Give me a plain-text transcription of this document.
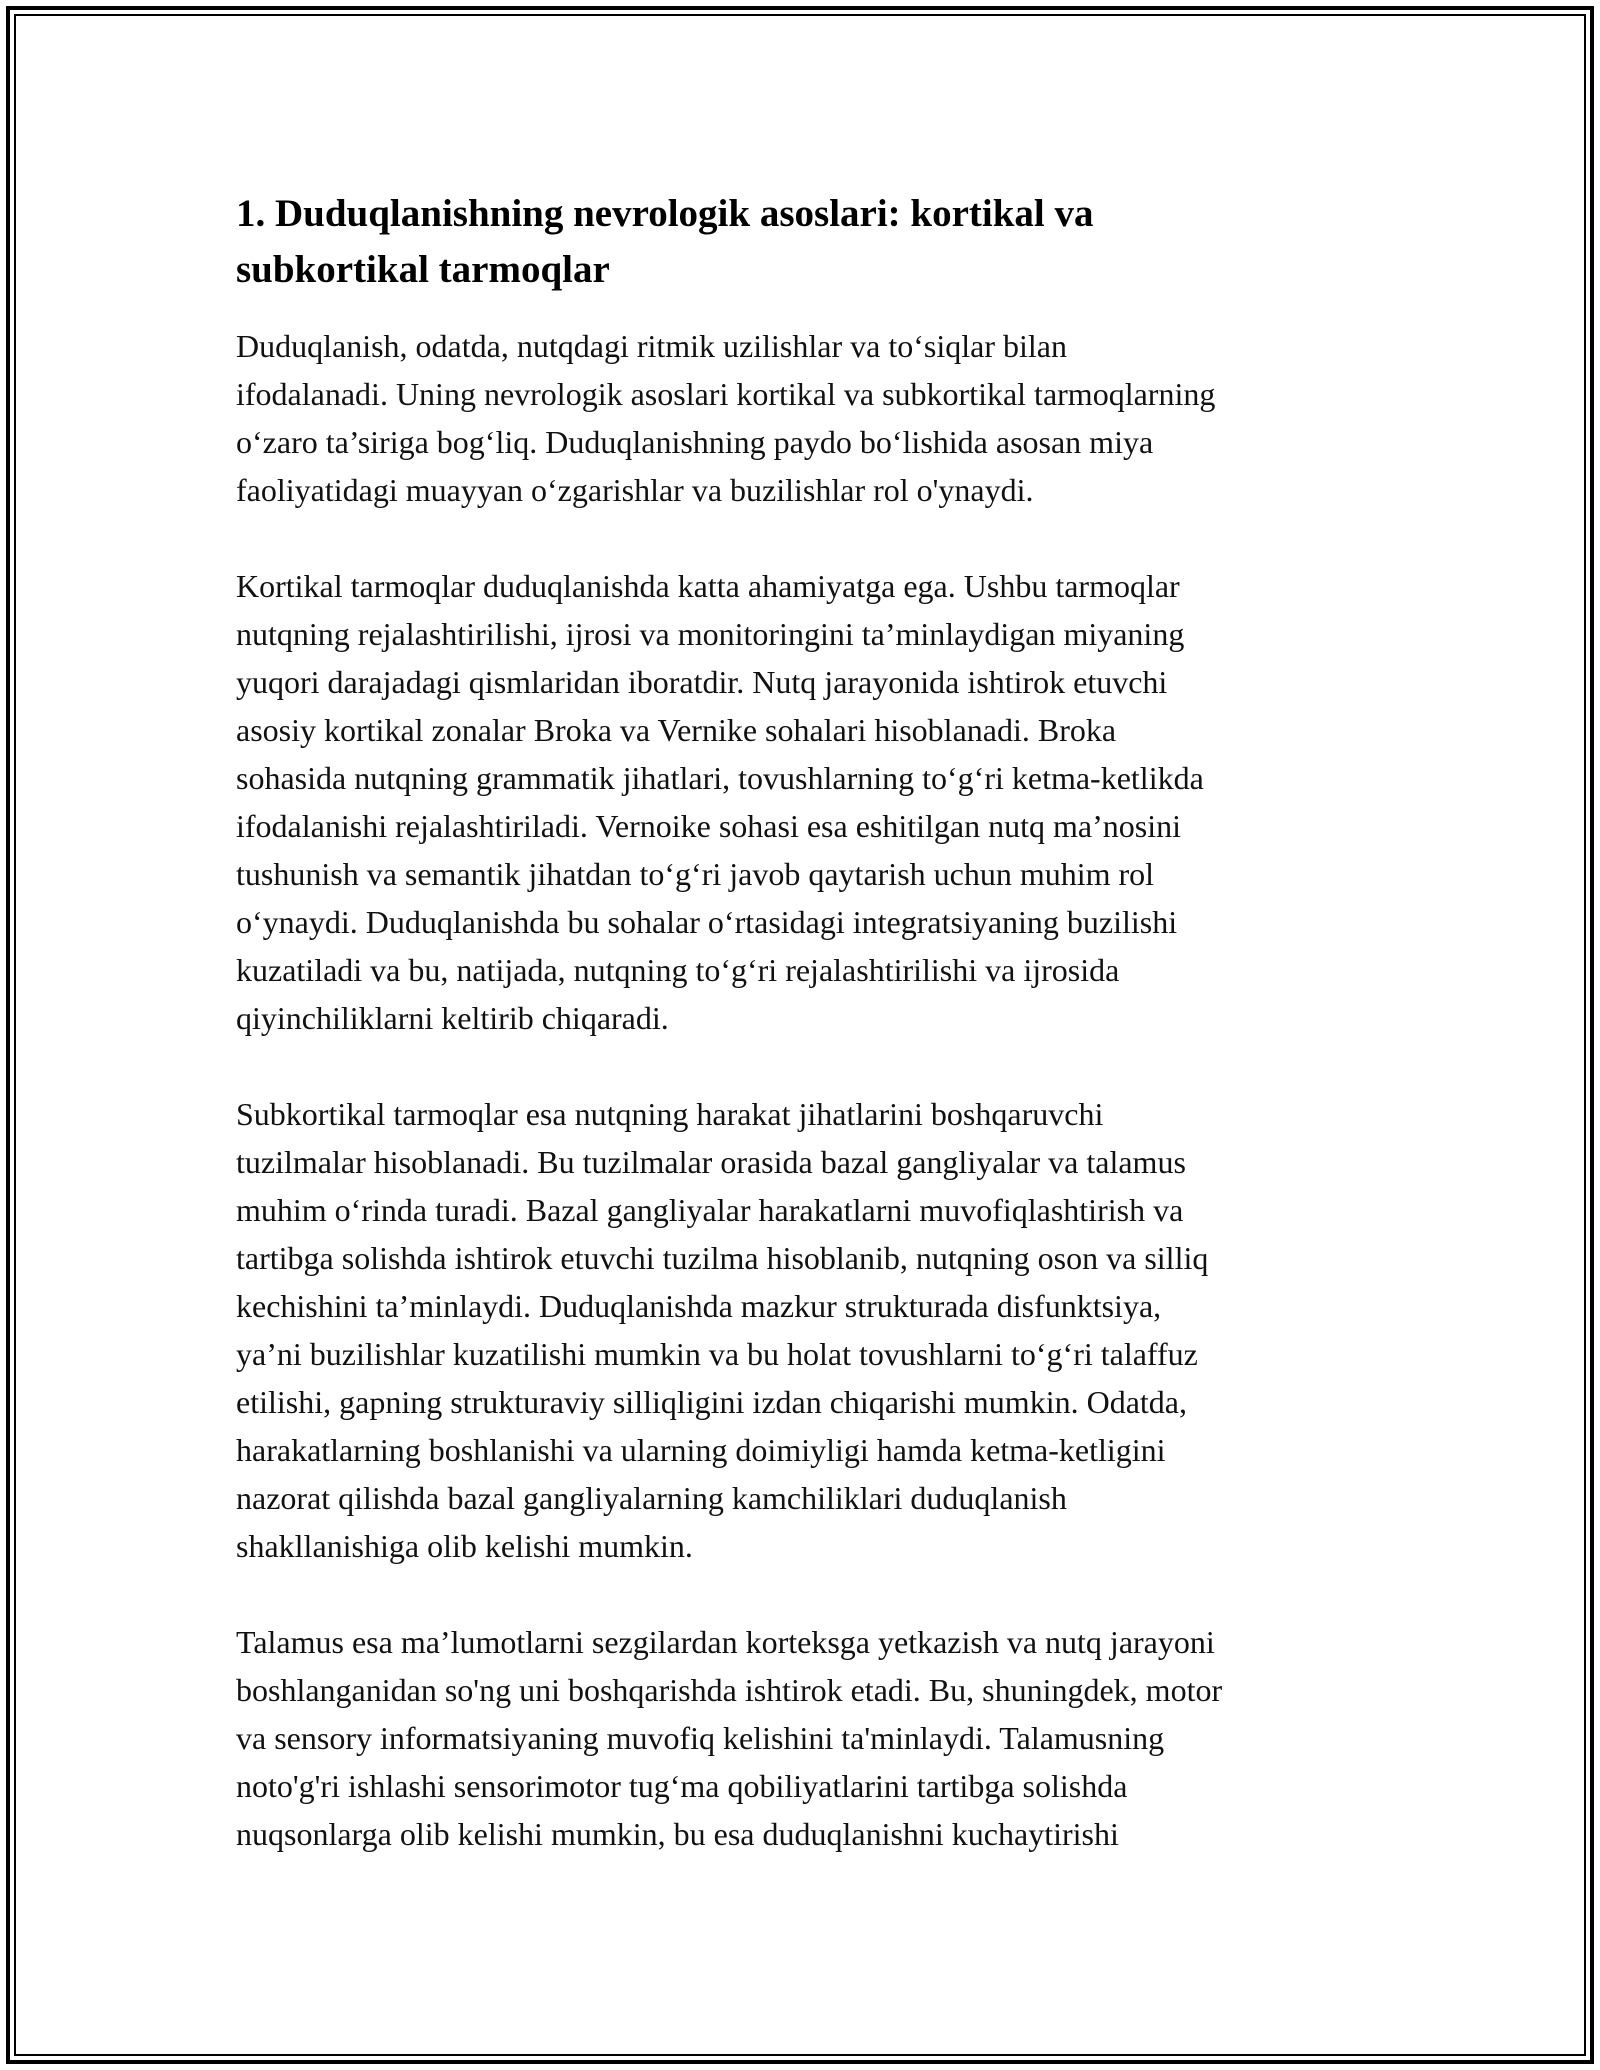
1. Duduqlanishning nevrologik asoslari: kortikal va
subkortikal tarmoqlar

Duduqlanish, odatda, nutqdagi ritmik uzilishlar va to‘siqlar bilan
ifodalanadi. Uning nevrologik asoslari kortikal va subkortikal tarmoqlarning
o‘zaro ta’siriga bog‘liq. Duduqlanishning paydo bo‘lishida asosan miya
faoliyatidagi muayyan o‘zgarishlar va buzilishlar rol o'ynaydi.

Kortikal tarmoqlar duduqlanishda katta ahamiyatga ega. Ushbu tarmoqlar
nutqning rejalashtirilishi, ijrosi va monitoringini ta’minlaydigan miyaning
yuqori darajadagi qismlaridan iboratdir. Nutq jarayonida ishtirok etuvchi
asosiy kortikal zonalar Broka va Vernike sohalari hisoblanadi. Broka
sohasida nutqning grammatik jihatlari, tovushlarning to‘g‘ri ketma-ketlikda
ifodalanishi rejalashtiriladi. Vernoike sohasi esa eshitilgan nutq ma’nosini
tushunish va semantik jihatdan to‘g‘ri javob qaytarish uchun muhim rol
o‘ynaydi. Duduqlanishda bu sohalar o‘rtasidagi integratsiyaning buzilishi
kuzatiladi va bu, natijada, nutqning to‘g‘ri rejalashtirilishi va ijrosida
qiyinchiliklarni keltirib chiqaradi.

Subkortikal tarmoqlar esa nutqning harakat jihatlarini boshqaruvchi
tuzilmalar hisoblanadi. Bu tuzilmalar orasida bazal gangliyalar va talamus
muhim o‘rinda turadi. Bazal gangliyalar harakatlarni muvofiqlashtirish va
tartibga solishda ishtirok etuvchi tuzilma hisoblanib, nutqning oson va silliq
kechishini ta’minlaydi. Duduqlanishda mazkur strukturada disfunktsiya,
ya’ni buzilishlar kuzatilishi mumkin va bu holat tovushlarni to‘g‘ri talaffuz
etilishi, gapning strukturaviy silliqligini izdan chiqarishi mumkin. Odatda,
harakatlarning boshlanishi va ularning doimiyligi hamda ketma-ketligini
nazorat qilishda bazal gangliyalarning kamchiliklari duduqlanish
shakllanishiga olib kelishi mumkin.

Talamus esa ma’lumotlarni sezgilardan korteksga yetkazish va nutq jarayoni
boshlanganidan so'ng uni boshqarishda ishtirok etadi. Bu, shuningdek, motor
va sensory informatsiyaning muvofiq kelishini ta'minlaydi. Talamusning
noto'g'ri ishlashi sensorimotor tug‘ma qobiliyatlarini tartibga solishda
nuqsonlarga olib kelishi mumkin, bu esa duduqlanishni kuchaytirishi
